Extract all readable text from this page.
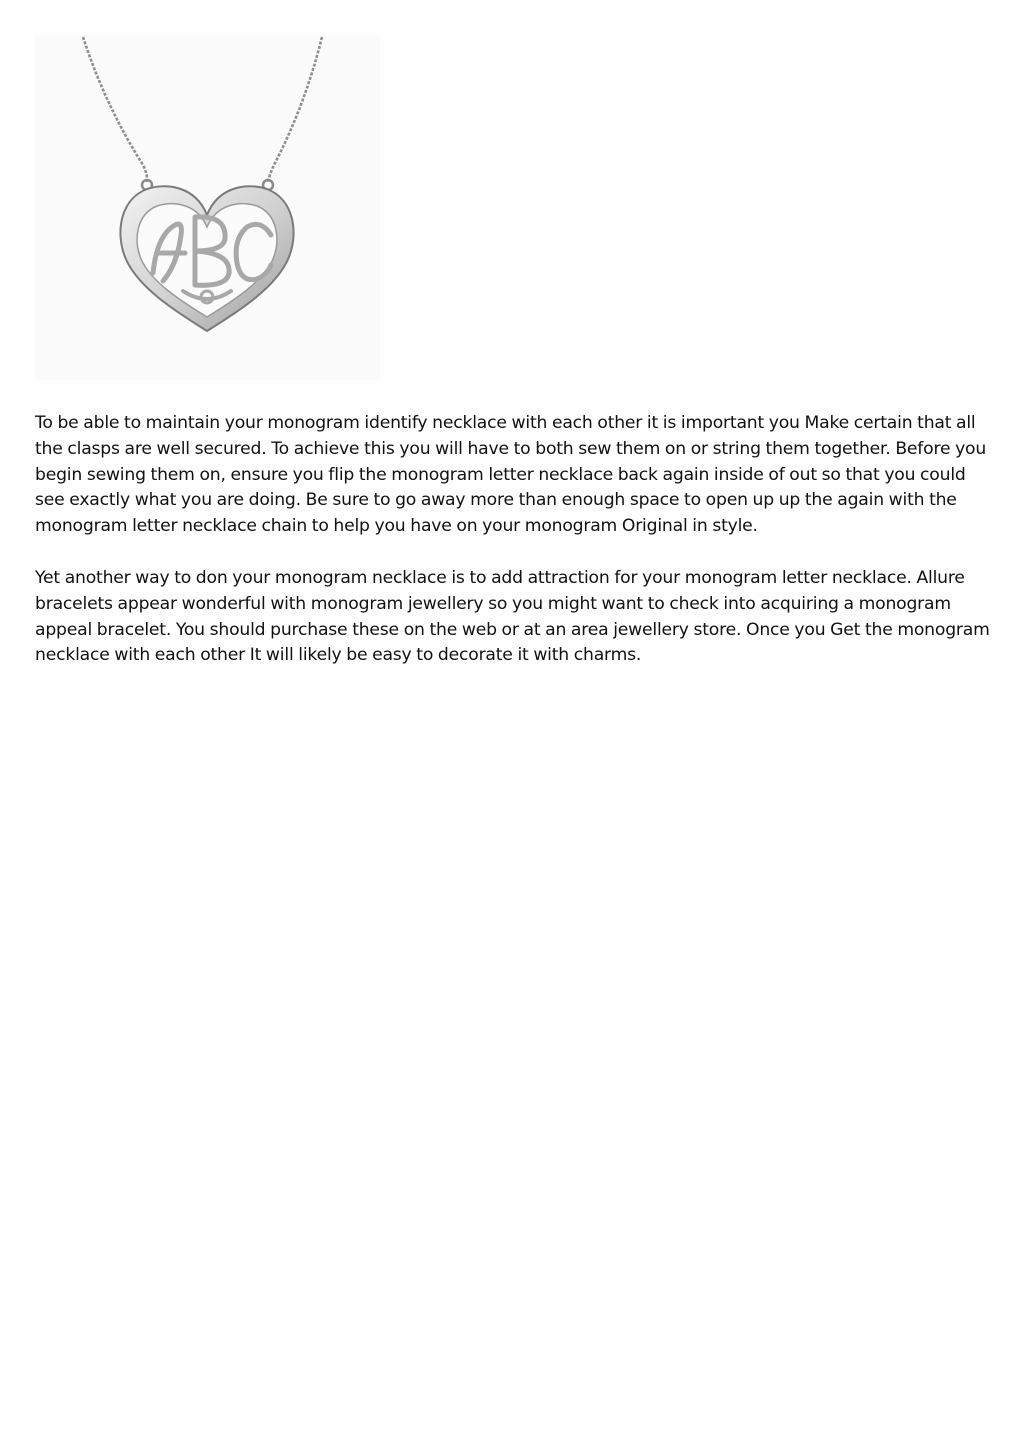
To be able to maintain your monogram identify necklace with each other it is important you Make certain that all the clasps are well secured. To achieve this you will have to both sew them on or string them together. Before you begin sewing them on, ensure you flip the monogram letter necklace back again inside of out so that you could see exactly what you are doing. Be sure to go away more than enough space to open up up the again with the monogram letter necklace chain to help you have on your monogram Original in style.

Yet another way to don your monogram necklace is to add attraction for your monogram letter necklace. Allure bracelets appear wonderful with monogram jewellery so you might want to check into acquiring a monogram appeal bracelet. You should purchase these on the web or at an area jewellery store. Once you Get the monogram necklace with each other It will likely be easy to decorate it with charms.
